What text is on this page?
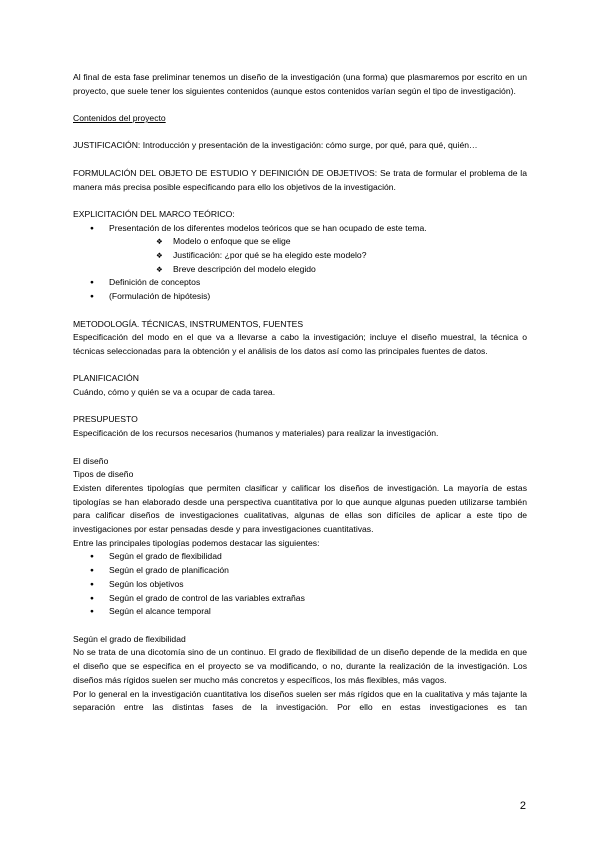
Al final de esta fase preliminar tenemos un diseño de la investigación (una forma) que plasmaremos por escrito en un proyecto, que suele tener los siguientes contenidos (aunque estos contenidos varían según el tipo de investigación).

Contenidos del proyecto

JUSTIFICACIÓN: Introducción y presentación de la investigación: cómo surge, por qué, para qué, quién…

FORMULACIÓN DEL OBJETO DE ESTUDIO Y DEFINICIÓN DE OBJETIVOS: Se trata de formular el problema de la manera más precisa posible especificando para ello los objetivos de la investigación.

EXPLICITACIÓN DEL MARCO TEÓRICO:

● Presentación de los diferentes modelos teóricos que se han ocupado de este tema.
❖ Modelo o enfoque que se elige
❖ Justificación: ¿por qué se ha elegido este modelo?
❖ Breve descripción del modelo elegido
● Definición de conceptos
● (Formulación de hipótesis)

METODOLOGÍA. TÉCNICAS, INSTRUMENTOS, FUENTES

Especificación del modo en el que va a llevarse a cabo la investigación; incluye el diseño muestral, la técnica o técnicas seleccionadas para la obtención y el análisis de los datos así como las principales fuentes de datos.

PLANIFICACIÓN

Cuándo, cómo y quién se va a ocupar de cada tarea.

PRESUPUESTO

Especificación de los recursos necesarios (humanos y materiales) para realizar la investigación.

El diseño

Tipos de diseño

Existen diferentes tipologías que permiten clasificar y calificar los diseños de investigación. La mayoría de estas tipologías se han elaborado desde una perspectiva cuantitativa por lo que aunque algunas pueden utilizarse también para calificar diseños de investigaciones cualitativas, algunas de ellas son difíciles de aplicar a este tipo de investigaciones por estar pensadas desde y para investigaciones cuantitativas.

Entre las principales tipologías podemos destacar las siguientes:

● Según el grado de flexibilidad
● Según el grado de planificación
● Según los objetivos
● Según el grado de control de las variables extrañas
● Según el alcance temporal

Según el grado de flexibilidad

No se trata de una dicotomía sino de un continuo. El grado de flexibilidad de un diseño depende de la medida en que el diseño que se especifica en el proyecto se va modificando, o no, durante la realización de la investigación. Los diseños más rígidos suelen ser mucho más concretos y específicos, los más flexibles, más vagos.

Por lo general en la investigación cuantitativa los diseños suelen ser más rígidos que en la cualitativa y más tajante la separación entre las distintas fases de la investigación. Por ello en estas investigaciones es tan

2
